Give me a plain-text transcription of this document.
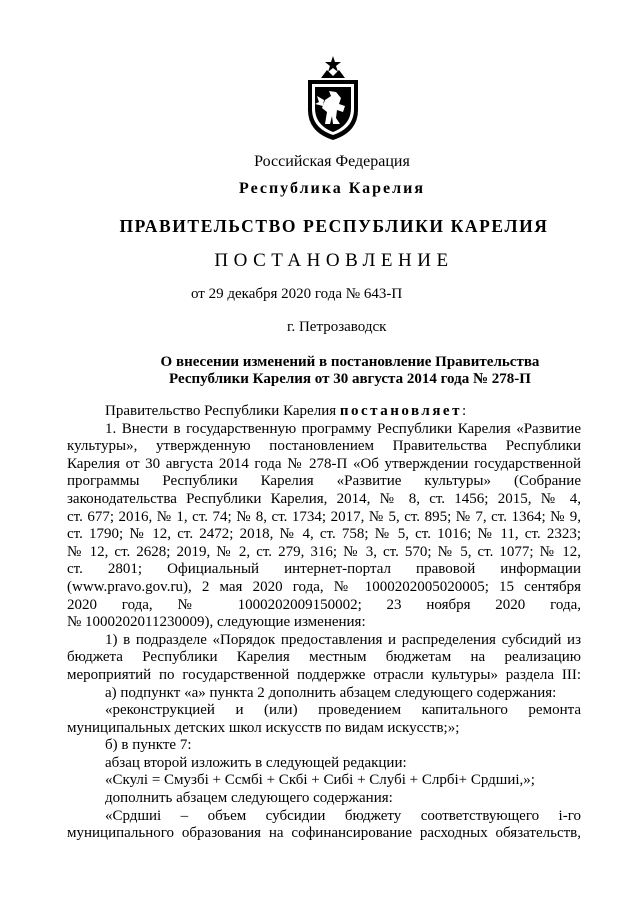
Российская Федерация
Республика Карелия
ПРАВИТЕЛЬСТВО РЕСПУБЛИКИ КАРЕЛИЯ
ПОСТАНОВЛЕНИЕ
от 29 декабря 2020 года № 643-П
г. Петрозаводск
О внесении изменений в постановление Правительства
Республики Карелия от 30 августа 2014 года № 278-П
Правительство Республики Карелия постановляет:
1. Внести в государственную программу Республики Карелия «Развитие
культуры», утвержденную постановлением Правительства Республики
Карелия от 30 августа 2014 года № 278-П «Об утверждении государственной
программы Республики Карелия «Развитие культуры» (Собрание
законодательства Республики Карелия, 2014, № 8, ст. 1456; 2015, № 4,
ст. 677; 2016, № 1, ст. 74; № 8, ст. 1734; 2017, № 5, ст. 895; № 7, ст. 1364; № 9,
ст. 1790; № 12, ст. 2472; 2018, № 4, ст. 758; № 5, ст. 1016; № 11, ст. 2323;
№ 12, ст. 2628; 2019, № 2, ст. 279, 316; № 3, ст. 570; № 5, ст. 1077; № 12,
ст. 2801; Официальный интернет-портал правовой информации
(www.pravo.gov.ru), 2 мая 2020 года, № 1000202005020005; 15 сентября
2020 года, № 1000202009150002; 23 ноября 2020 года,
№ 1000202011230009), следующие изменения:
1) в подразделе «Порядок предоставления и распределения субсидий из
бюджета Республики Карелия местным бюджетам на реализацию
мероприятий по государственной поддержке отрасли культуры» раздела III:
а) подпункт «а» пункта 2 дополнить абзацем следующего содержания:
«реконструкцией и (или) проведением капитального ремонта
муниципальных детских школ искусств по видам искусств;»;
б) в пункте 7:
абзац второй изложить в следующей редакции:
«Скулі = Смузбі + Ссмбі + Скбі + Сибі + Слубі + Слрбі+ Срдшиі,»;
дополнить абзацем следующего содержания:
«Срдшиі – объем субсидии бюджету соответствующего і-го
муниципального образования на софинансирование расходных обязательств,
